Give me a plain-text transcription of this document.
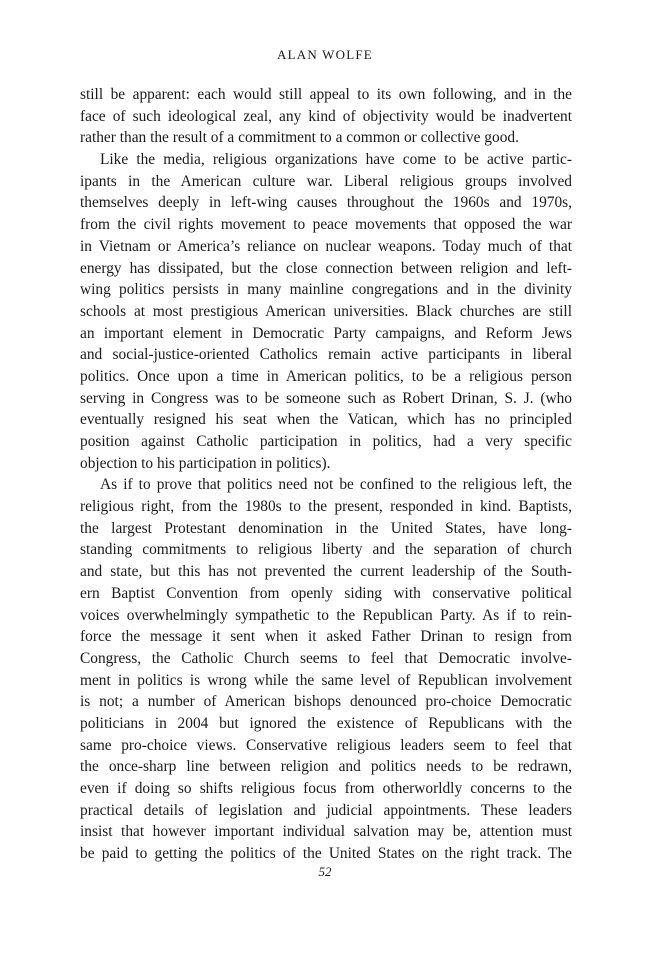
ALAN WOLFE
still be apparent: each would still appeal to its own following, and in the
face of such ideological zeal, any kind of objectivity would be inadvertent
rather than the result of a commitment to a common or collective good.
Like the media, religious organizations have come to be active partic-
ipants in the American culture war. Liberal religious groups involved
themselves deeply in left-wing causes throughout the 1960s and 1970s,
from the civil rights movement to peace movements that opposed the war
in Vietnam or America’s reliance on nuclear weapons. Today much of that
energy has dissipated, but the close connection between religion and left-
wing politics persists in many mainline congregations and in the divinity
schools at most prestigious American universities. Black churches are still
an important element in Democratic Party campaigns, and Reform Jews
and social-justice-oriented Catholics remain active participants in liberal
politics. Once upon a time in American politics, to be a religious person
serving in Congress was to be someone such as Robert Drinan, S. J. (who
eventually resigned his seat when the Vatican, which has no principled
position against Catholic participation in politics, had a very specific
objection to his participation in politics).
As if to prove that politics need not be confined to the religious left, the
religious right, from the 1980s to the present, responded in kind. Baptists,
the largest Protestant denomination in the United States, have long-
standing commitments to religious liberty and the separation of church
and state, but this has not prevented the current leadership of the South-
ern Baptist Convention from openly siding with conservative political
voices overwhelmingly sympathetic to the Republican Party. As if to rein-
force the message it sent when it asked Father Drinan to resign from
Congress, the Catholic Church seems to feel that Democratic involve-
ment in politics is wrong while the same level of Republican involvement
is not; a number of American bishops denounced pro-choice Democratic
politicians in 2004 but ignored the existence of Republicans with the
same pro-choice views. Conservative religious leaders seem to feel that
the once-sharp line between religion and politics needs to be redrawn,
even if doing so shifts religious focus from otherworldly concerns to the
practical details of legislation and judicial appointments. These leaders
insist that however important individual salvation may be, attention must
be paid to getting the politics of the United States on the right track. The
52
